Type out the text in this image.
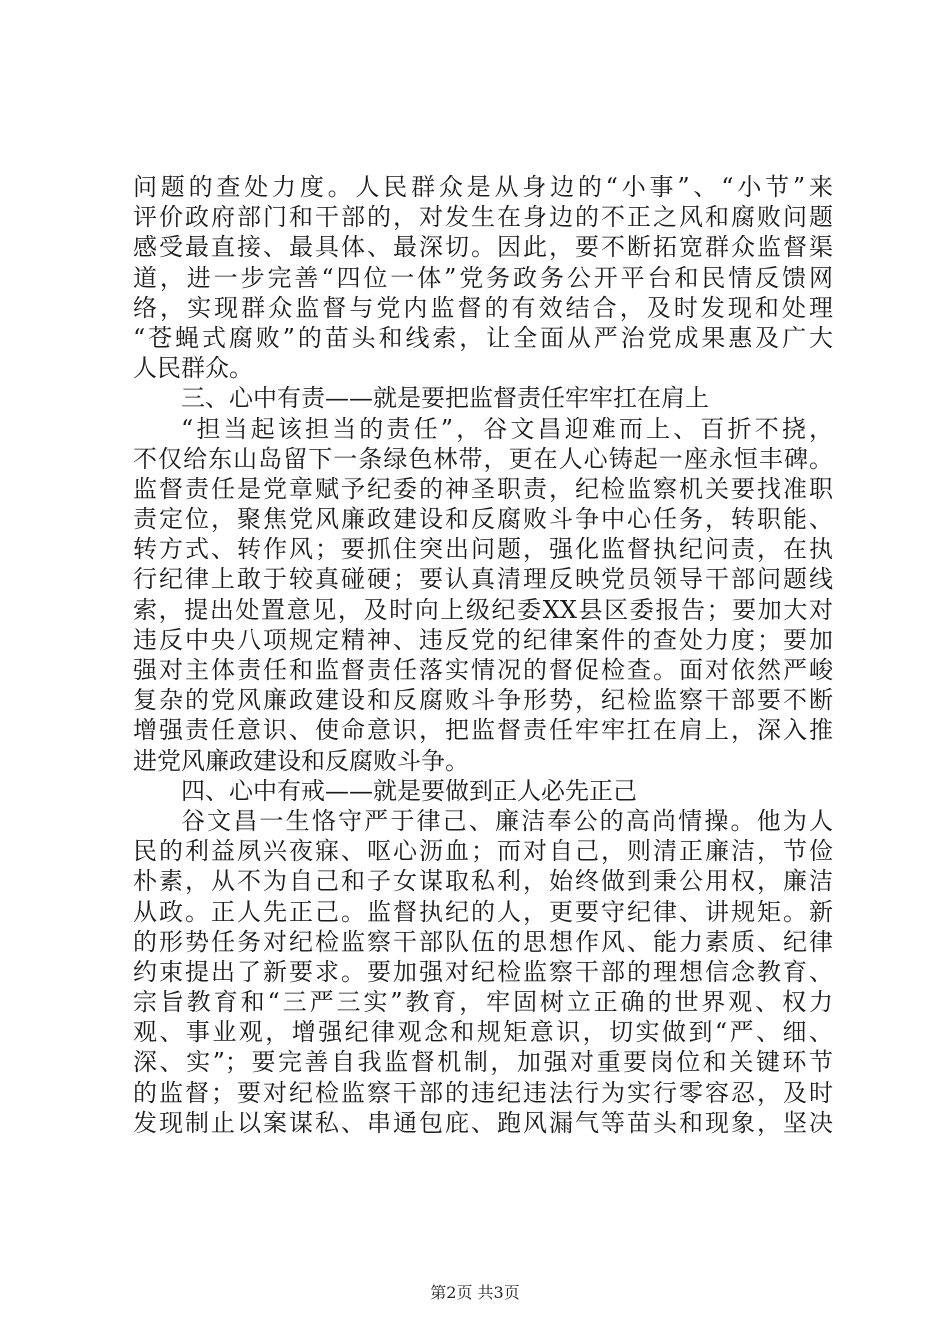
问题的查处力度。人民群众是从身边的“小事”、“小节”来
评价政府部门和干部的，对发生在身边的不正之风和腐败问题
感受最直接、最具体、最深切。因此，要不断拓宽群众监督渠
道，进一步完善“四位一体”党务政务公开平台和民情反馈网
络，实现群众监督与党内监督的有效结合，及时发现和处理
“苍蝇式腐败”的苗头和线索，让全面从严治党成果惠及广大
人民群众。
三、心中有责——就是要把监督责任牢牢扛在肩上
“担当起该担当的责任”，谷文昌迎难而上、百折不挠，
不仅给东山岛留下一条绿色林带，更在人心铸起一座永恒丰碑。
监督责任是党章赋予纪委的神圣职责，纪检监察机关要找准职
责定位，聚焦党风廉政建设和反腐败斗争中心任务，转职能、
转方式、转作风；要抓住突出问题，强化监督执纪问责，在执
行纪律上敢于较真碰硬；要认真清理反映党员领导干部问题线
索，提出处置意见，及时向上级纪委XX县区委报告；要加大对
违反中央八项规定精神、违反党的纪律案件的查处力度；要加
强对主体责任和监督责任落实情况的督促检查。面对依然严峻
复杂的党风廉政建设和反腐败斗争形势，纪检监察干部要不断
增强责任意识、使命意识，把监督责任牢牢扛在肩上，深入推
进党风廉政建设和反腐败斗争。
四、心中有戒——就是要做到正人必先正己
谷文昌一生恪守严于律己、廉洁奉公的高尚情操。他为人
民的利益夙兴夜寐、呕心沥血；而对自己，则清正廉洁，节俭
朴素，从不为自己和子女谋取私利，始终做到秉公用权，廉洁
从政。正人先正己。监督执纪的人，更要守纪律、讲规矩。新
的形势任务对纪检监察干部队伍的思想作风、能力素质、纪律
约束提出了新要求。要加强对纪检监察干部的理想信念教育、
宗旨教育和“三严三实”教育，牢固树立正确的世界观、权力
观、事业观，增强纪律观念和规矩意识，切实做到“严、细、
深、实”；要完善自我监督机制，加强对重要岗位和关键环节
的监督；要对纪检监察干部的违纪违法行为实行零容忍，及时
发现制止以案谋私、串通包庇、跑风漏气等苗头和现象，坚决
第2页 共3页
